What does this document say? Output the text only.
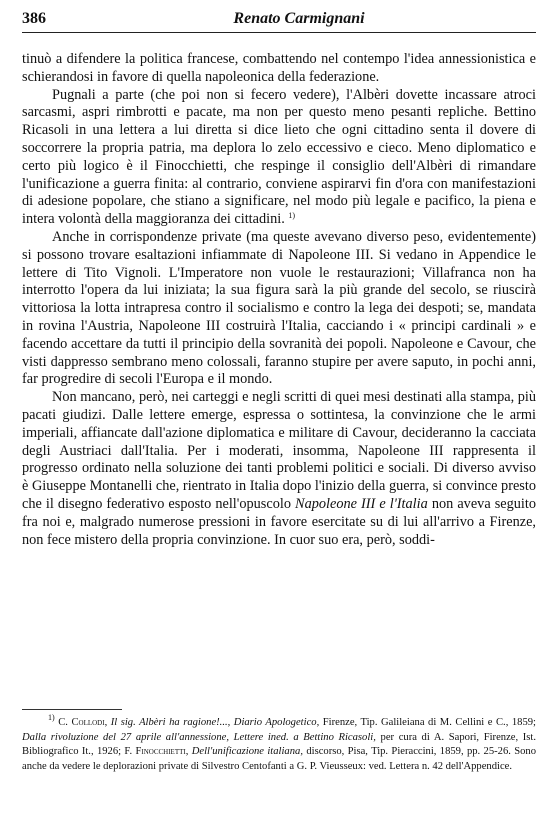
386	Renato Carmignani

tinuò a difendere la politica francese, combattendo nel contempo l'idea annessionistica e schierandosi in favore di quella napoleonica della federazione.

Pugnali a parte (che poi non si fecero vedere), l'Albèri dovette incassare atroci sarcasmi, aspri rimbrotti e pacate, ma non per questo meno pesanti repliche. Bettino Ricasoli in una lettera a lui diretta si dice lieto che ogni cittadino senta il dovere di soccorrere la propria patria, ma deplora lo zelo eccessivo e cieco. Meno diplomatico e certo più logico è il Finocchietti, che respinge il consiglio dell'Albèri di rimandare l'unificazione a guerra finita: al contrario, conviene aspirarvi fin d'ora con manifestazioni di adesione popolare, che stiano a significare, nel modo più legale e pacifico, la piena e intera volontà della maggioranza dei cittadini. $^{1)}$

Anche in corrispondenze private (ma queste avevano diverso peso, evidentemente) si possono trovare esaltazioni infiammate di Napoleone III. Si vedano in Appendice le lettere di Tito Vignoli. L'Imperatore non vuole le restaurazioni; Villafranca non ha interrotto l'opera da lui iniziata; la sua figura sarà la più grande del secolo, se riuscirà vittoriosa la lotta intrapresa contro il socialismo e contro la lega dei despoti; se, mandata in rovina l'Austria, Napoleone III costruirà l'Italia, cacciando i « principi cardinali » e facendo accettare da tutti il principio della sovranità dei popoli. Napoleone e Cavour, che visti dappresso sembrano meno colossali, faranno stupire per avere saputo, in pochi anni, far progredire di secoli l'Europa e il mondo.

Non mancano, però, nei carteggi e negli scritti di quei mesi destinati alla stampa, più pacati giudizi. Dalle lettere emerge, espressa o sottintesa, la convinzione che le armi imperiali, affiancate dall'azione diplomatica e militare di Cavour, decideranno la cacciata degli Austriaci dall'Italia. Per i moderati, insomma, Napoleone III rappresenta il progresso ordinato nella soluzione dei tanti problemi politici e sociali. Di diverso avviso è Giuseppe Montanelli che, rientrato in Italia dopo l'inizio della guerra, si convince presto che il disegno federativo esposto nell'opuscolo Napoleone III e l'Italia non aveva seguito fra noi e, malgrado numerose pressioni in favore esercitate su di lui all'arrivo a Firenze, non fece mistero della propria convinzione. In cuor suo era, però, soddi-

$^{1)}$ C. Collodi, Il sig. Albèri ha ragione!..., Diario Apologetico, Firenze, Tip. Galileiana di M. Cellini e C., 1859; Dalla rivoluzione del 27 aprile all'annessione, Lettere ined. a Bettino Ricasoli, per cura di A. Sapori, Firenze, Ist. Bibliografico It., 1926; F. Finocchietti, Dell'unificazione italiana, discorso, Pisa, Tip. Pieraccini, 1859, pp. 25-26. Sono anche da vedere le deplorazioni private di Silvestro Centofanti a G. P. Vieusseux: ved. Lettera n. 42 dell'Appendice.
